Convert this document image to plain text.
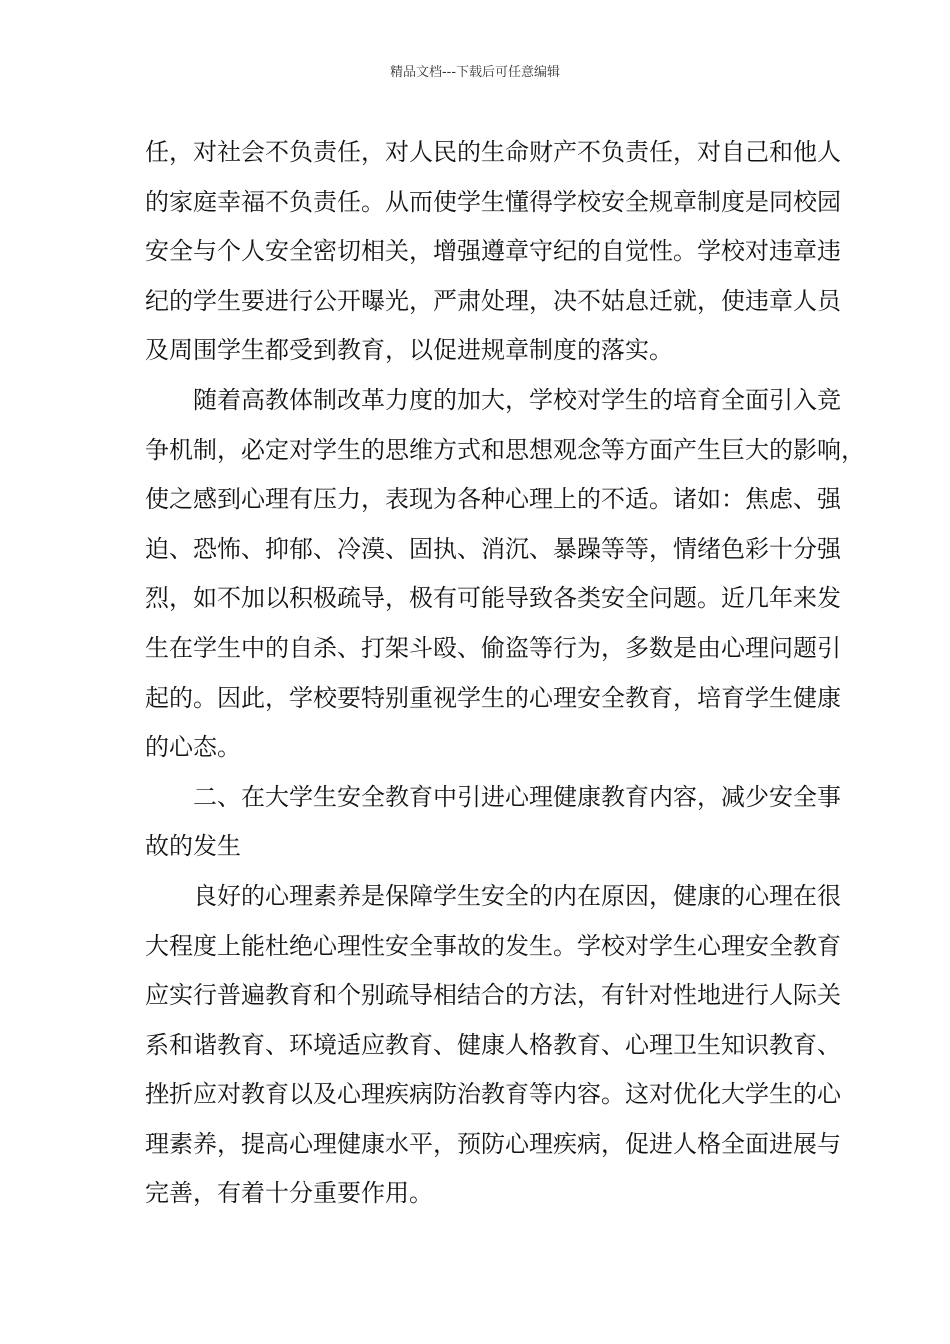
精品文档---下载后可任意编辑

任，对社会不负责任，对人民的生命财产不负责任，对自己和他人
的家庭幸福不负责任。从而使学生懂得学校安全规章制度是同校园
安全与个人安全密切相关，增强遵章守纪的自觉性。学校对违章违
纪的学生要进行公开曝光，严肃处理，决不姑息迁就，使违章人员
及周围学生都受到教育，以促进规章制度的落实。

随着高教体制改革力度的加大，学校对学生的培育全面引入竞
争机制，必定对学生的思维方式和思想观念等方面产生巨大的影响，
使之感到心理有压力，表现为各种心理上的不适。诸如：焦虑、强
迫、恐怖、抑郁、冷漠、固执、消沉、暴躁等等，情绪色彩十分强
烈，如不加以积极疏导，极有可能导致各类安全问题。近几年来发
生在学生中的自杀、打架斗殴、偷盗等行为，多数是由心理问题引
起的。因此，学校要特别重视学生的心理安全教育，培育学生健康
的心态。

二、在大学生安全教育中引进心理健康教育内容，减少安全事
故的发生

良好的心理素养是保障学生安全的内在原因，健康的心理在很
大程度上能杜绝心理性安全事故的发生。学校对学生心理安全教育
应实行普遍教育和个别疏导相结合的方法，有针对性地进行人际关
系和谐教育、环境适应教育、健康人格教育、心理卫生知识教育、
挫折应对教育以及心理疾病防治教育等内容。这对优化大学生的心
理素养，提高心理健康水平，预防心理疾病，促进人格全面进展与
完善，有着十分重要作用。
